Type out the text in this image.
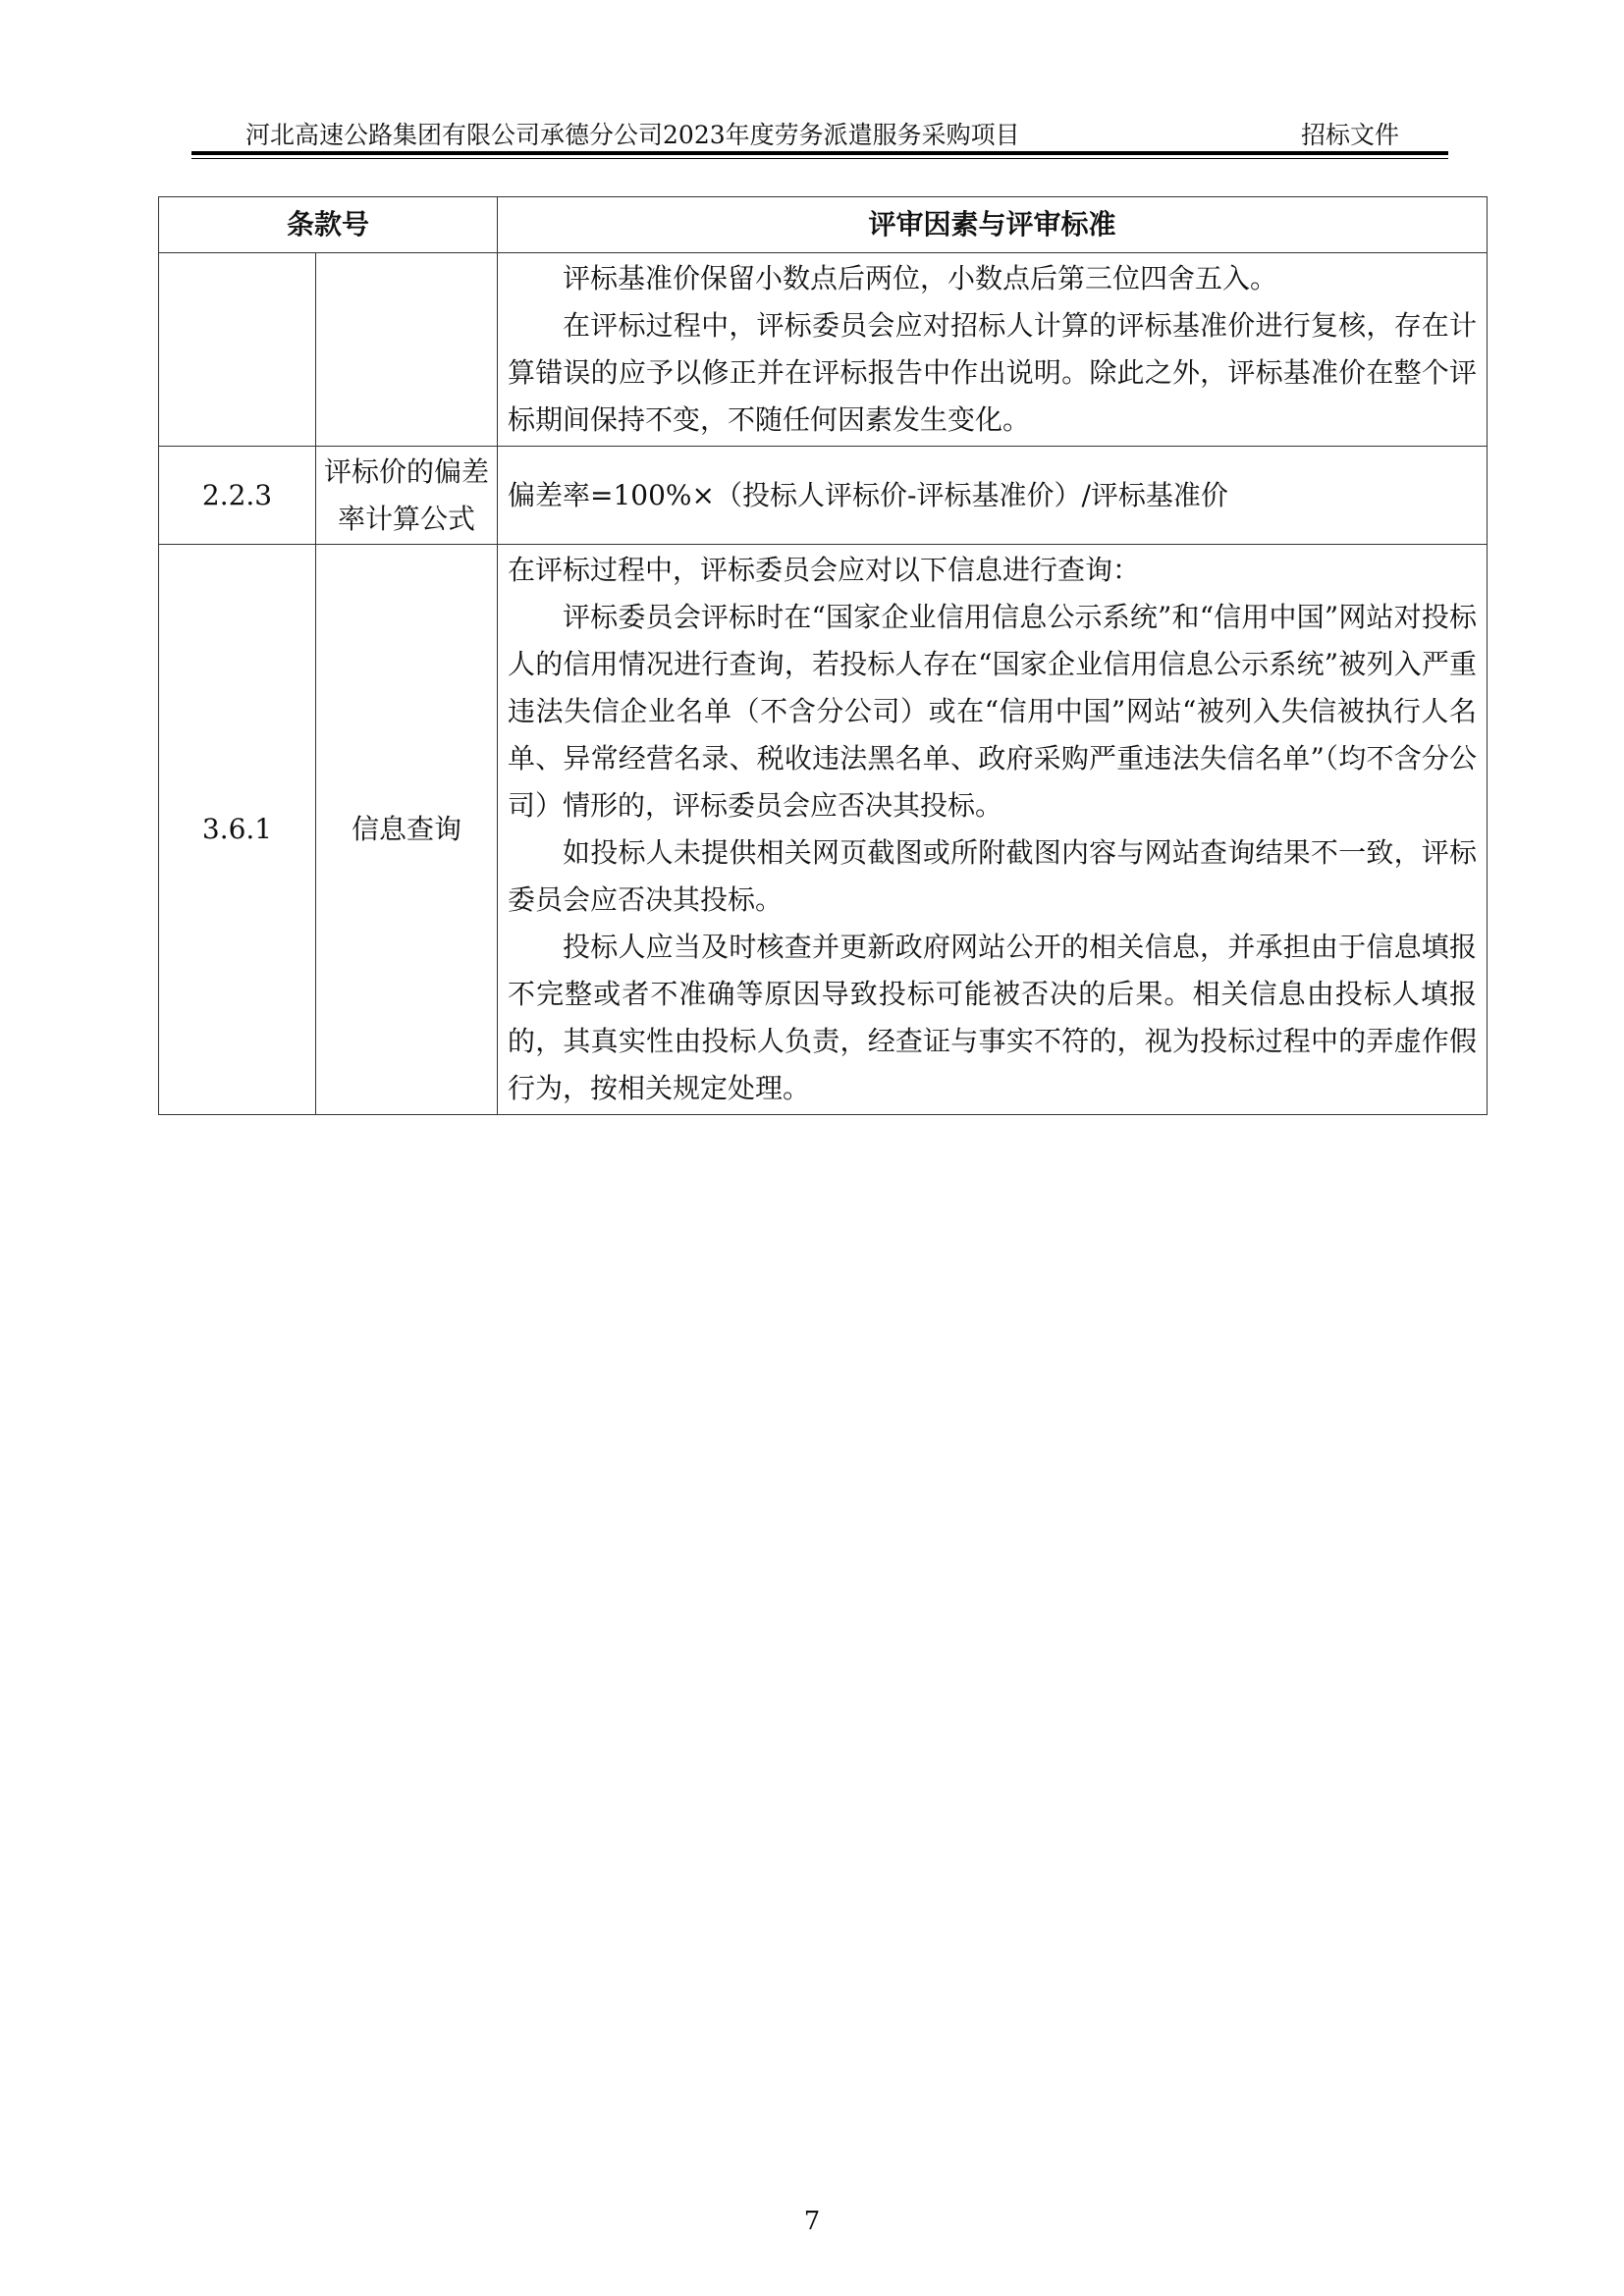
河北高速公路集团有限公司承德分公司2023年度劳务派遣服务采购项目	招标文件
条款号		评审因素与评审标准

		评标基准价保留小数点后两位，小数点后第三位四舍五入。

在评标过程中，评标委员会应对招标人计算的评标基准价进行复核，存在计算错误的应予以修正并在评标报告中作出说明。除此之外，评标基准价在整个评标期间保持不变，不随任何因素发生变化。

2.2.3	评标价的偏差率计算公式	偏差率=100%×（投标人评标价-评标基准价）/评标基准价

3.6.1	信息查询	在评标过程中，评标委员会应对以下信息进行查询：

评标委员会评标时在“国家企业信用信息公示系统”和“信用中国”网站对投标人的信用情况进行查询，若投标人存在“国家企业信用信息公示系统”被列入严重违法失信企业名单（不含分公司）或在“信用中国”网站“被列入失信被执行人名单、异常经营名录、税收违法黑名单、政府采购严重违法失信名单”（均不含分公司）情形的，评标委员会应否决其投标。

如投标人未提供相关网页截图或所附截图内容与网站查询结果不一致，评标委员会应否决其投标。

投标人应当及时核查并更新政府网站公开的相关信息，并承担由于信息填报不完整或者不准确等原因导致投标可能被否决的后果。相关信息由投标人填报的，其真实性由投标人负责，经查证与事实不符的，视为投标过程中的弄虚作假行为，按相关规定处理。

7
